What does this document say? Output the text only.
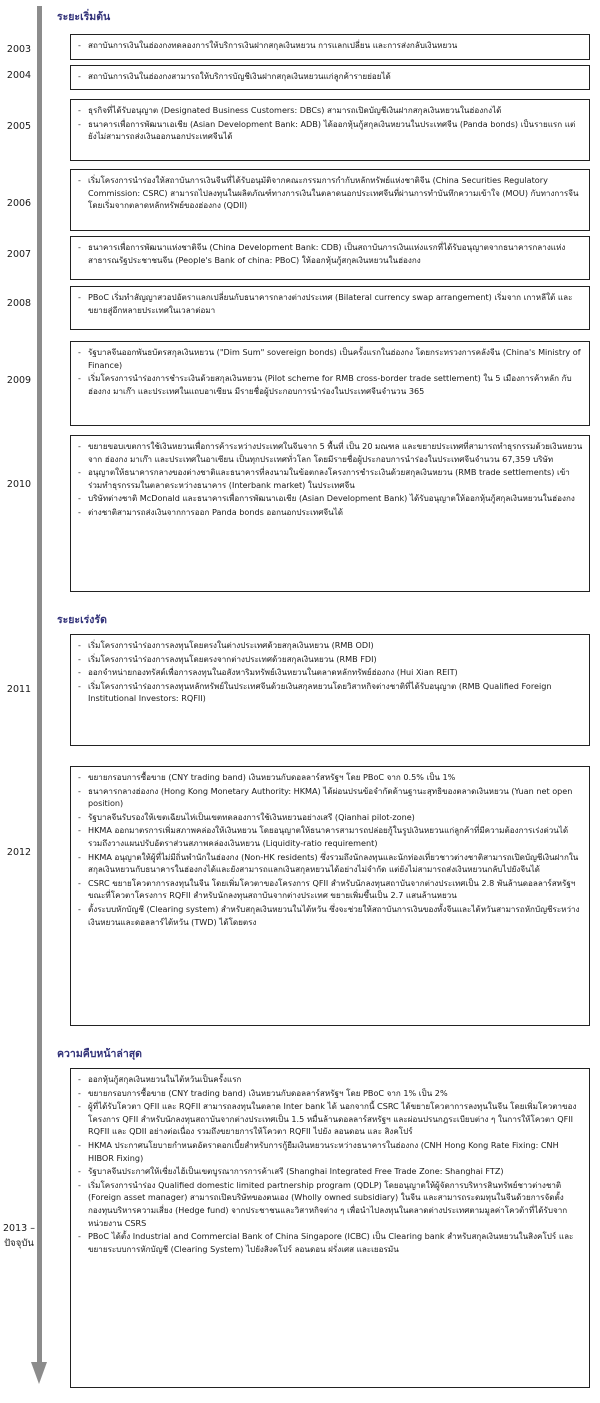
ระยะเริ่มต้น
ระยะเร่งรัด
ความคืบหน้าล่าสุด
2003
2004
2005
2006
2007
2008
2009
2010
2011
2012
2013 – ปัจจุบัน
- สถาบันการเงินในฮ่องกงทดลองการให้บริการเงินฝากสกุลเงินหยวน การแลกเปลี่ยน และการส่งกลับเงินหยวน
- สถาบันการเงินในฮ่องกงสามารถให้บริการบัญชีเงินฝากสกุลเงินหยวนแก่ลูกค้ารายย่อยได้
- ธุรกิจที่ได้รับอนุญาต (Designated Business Customers: DBCs) สามารถเปิดบัญชีเงินฝากสกุลเงินหยวนในฮ่องกงได้
- ธนาคารเพื่อการพัฒนาเอเชีย (Asian Development Bank: ADB) ได้ออกหุ้นกู้สกุลเงินหยวนในประเทศจีน (Panda bonds) เป็นรายแรก แต่ยังไม่สามารถส่งเงินออกนอกประเทศจีนได้
- เริ่มโครงการนำร่องให้สถาบันการเงินจีนที่ได้รับอนุมัติจากคณะกรรมการกำกับหลักทรัพย์แห่งชาติจีน (China Securities Regulatory Commission: CSRC) สามารถไปลงทุนในผลิตภัณฑ์ทางการเงินในตลาดนอกประเทศจีนที่ผ่านการทำบันทึกความเข้าใจ (MOU) กับทางการจีน โดยเริ่มจากตลาดหลักทรัพย์ของฮ่องกง (QDII)
- ธนาคารเพื่อการพัฒนาแห่งชาติจีน (China Development Bank: CDB) เป็นสถาบันการเงินแห่งแรกที่ได้รับอนุญาตจากธนาคารกลางแห่งสาธารณรัฐประชาชนจีน (People's Bank of china: PBoC) ให้ออกหุ้นกู้สกุลเงินหยวนในฮ่องกง
- PBoC เริ่มทำสัญญาสวอปอัตราแลกเปลี่ยนกับธนาคารกลางต่างประเทศ (Bilateral currency swap arrangement) เริ่มจาก เกาหลีใต้ และขยายสู่อีกหลายประเทศในเวลาต่อมา
- รัฐบาลจีนออกพันธบัตรสกุลเงินหยวน ("Dim Sum" sovereign bonds) เป็นครั้งแรกในฮ่องกง โดยกระทรวงการคลังจีน (China's Ministry of Finance)
- เริ่มโครงการนำร่องการชำระเงินด้วยสกุลเงินหยวน (Pilot scheme for RMB cross-border trade settlement) ใน 5 เมืองการค้าหลัก กับ ฮ่องกง มาเก๊า และประเทศในแถบอาเซียน มีรายชื่อผู้ประกอบการนำร่องในประเทศจีนจำนวน 365
- ขยายขอบเขตการใช้เงินหยวนเพื่อการค้าระหว่างประเทศในจีนจาก 5 พื้นที่ เป็น 20 มณฑล และขยายประเทศที่สามารถทำธุรกรรมด้วยเงินหยวนจาก ฮ่องกง มาเก๊า และประเทศในอาเซียน เป็นทุกประเทศทั่วโลก โดยมีรายชื่อผู้ประกอบการนำร่องในประเทศจีนจำนวน 67,359 บริษัท
- อนุญาตให้ธนาคารกลางของต่างชาติและธนาคารที่ลงนามในข้อตกลงโครงการชำระเงินด้วยสกุลเงินหยวน (RMB trade settlements) เข้าร่วมทำธุรกรรมในตลาดระหว่างธนาคาร (Interbank market) ในประเทศจีน
- บริษัทต่างชาติ McDonald และธนาคารเพื่อการพัฒนาเอเชีย (Asian Development Bank) ได้รับอนุญาตให้ออกหุ้นกู้สกุลเงินหยวนในฮ่องกง
- ต่างชาติสามารถส่งเงินจากการออก Panda bonds ออกนอกประเทศจีนได้
- เริ่มโครงการนำร่องการลงทุนโดยตรงในต่างประเทศด้วยสกุลเงินหยวน (RMB ODI)
- เริ่มโครงการนำร่องการลงทุนโดยตรงจากต่างประเทศด้วยสกุลเงินหยวน (RMB FDI)
- ออกจำหน่ายกองทรัสต์เพื่อการลงทุนในอสังหาริมทรัพย์เงินหยวนในตลาดหลักทรัพย์ฮ่องกง (Hui Xian REIT)
- เริ่มโครงการนำร่องการลงทุนหลักทรัพย์ในประเทศจีนด้วยเงินสกุลหยวนโดยวิสาหกิจต่างชาติที่ได้รับอนุญาต (RMB Qualified Foreign Institutional Investors: RQFII)
- ขยายกรอบการซื้อขาย (CNY trading band) เงินหยวนกับดอลลาร์สหรัฐฯ โดย PBoC จาก 0.5% เป็น 1%
- ธนาคารกลางฮ่องกง (Hong Kong Monetary Authority: HKMA) ได้ผ่อนปรนข้อจำกัดด้านฐานะสุทธิของตลาดเงินหยวน (Yuan net open position)
- รัฐบาลจีนรับรองให้เขตเฉียนไห่เป็นเขตทดลองการใช้เงินหยวนอย่างเสรี (Qianhai pilot-zone)
- HKMA ออกมาตรการเพิ่มสภาพคล่องให้เงินหยวน โดยอนุญาตให้ธนาคารสามารถปล่อยกู้ในรูปเงินหยวนแก่ลูกค้าที่มีความต้องการเร่งด่วนได้ รวมถึงวางแผนปรับอัตราส่วนสภาพคล่องเงินหยวน (Liquidity-ratio requirement)
- HKMA อนุญาตให้ผู้ที่ไม่มีถิ่นพำนักในฮ่องกง (Non-HK residents) ซึ่งรวมถึงนักลงทุนและนักท่องเที่ยวชาวต่างชาติสามารถเปิดบัญชีเงินฝากในสกุลเงินหยวนกับธนาคารในฮ่องกงได้และยังสามารถแลกเงินสกุลหยวนได้อย่างไม่จำกัด แต่ยังไม่สามารถส่งเงินหยวนกลับไปยังจีนได้
- CSRC ขยายโควตาการลงทุนในจีน โดยเพิ่มโควตาของโครงการ QFII สำหรับนักลงทุนสถาบันจากต่างประเทศเป็น 2.8 พันล้านดอลลาร์สหรัฐฯ ขณะที่โควตาโครงการ RQFII สำหรับนักลงทุนสถาบันจากต่างประเทศ ขยายเพิ่มขึ้นเป็น 2.7 แสนล้านหยวน
- ตั้งระบบหักบัญชี (Clearing system) สำหรับสกุลเงินหยวนในไต้หวัน ซึ่งจะช่วยให้สถาบันการเงินของทั้งจีนและไต้หวันสามารถหักบัญชีระหว่างเงินหยวนและดอลลาร์ไต้หวัน (TWD) ได้โดยตรง
- ออกหุ้นกู้สกุลเงินหยวนในไต้หวันเป็นครั้งแรก
- ขยายกรอบการซื้อขาย (CNY trading band) เงินหยวนกับดอลลาร์สหรัฐฯ โดย PBoC จาก 1% เป็น 2%
- ผู้ที่ได้รับโควตา QFII และ RQFII สามารถลงทุนในตลาด Inter bank ได้ นอกจากนี้ CSRC ได้ขยายโควตาการลงทุนในจีน โดยเพิ่มโควตาของโครงการ QFII สำหรับนักลงทุนสถาบันจากต่างประเทศเป็น 1.5 หมื่นล้านดอลลาร์สหรัฐฯ และผ่อนปรนกฎระเบียบต่าง ๆ ในการให้โควตา QFII RQFII และ QDII อย่างต่อเนื่อง รวมถึงขยายการให้โควตา RQFII ไปยัง ลอนดอน และ สิงคโปร์
- HKMA ประกาศนโยบายกำหนดอัตราดอกเบี้ยสำหรับการกู้ยืมเงินหยวนระหว่างธนาคารในฮ่องกง (CNH Hong Kong Rate Fixing: CNH HIBOR Fixing)
- รัฐบาลจีนประกาศให้เซี่ยงไฮ้เป็นเขตบูรณาการการค้าเสรี (Shanghai Integrated Free Trade Zone: Shanghai FTZ)
- เริ่มโครงการนำร่อง Qualified domestic limited partnership program (QDLP) โดยอนุญาตให้ผู้จัดการบริหารสินทรัพย์ชาวต่างชาติ (Foreign asset manager) สามารถเปิดบริษัทของตนเอง (Wholly owned subsidiary) ในจีน และสามารถระดมทุนในจีนด้วยการจัดตั้งกองทุนบริหารความเสี่ยง (Hedge fund) จากประชาชนและวิสาหกิจต่าง ๆ เพื่อนำไปลงทุนในตลาดต่างประเทศตามมูลค่าโควต้าที่ได้รับจากหน่วยงาน CSRS
- PBoC ได้ตั้ง Industrial and Commercial Bank of China Singapore (ICBC) เป็น Clearing bank สำหรับสกุลเงินหยวนในสิงคโปร์ และ ขยายระบบการหักบัญชี (Clearing System) ไปยังสิงคโปร์ ลอนดอน ฝรั่งเศส และเยอรมัน
